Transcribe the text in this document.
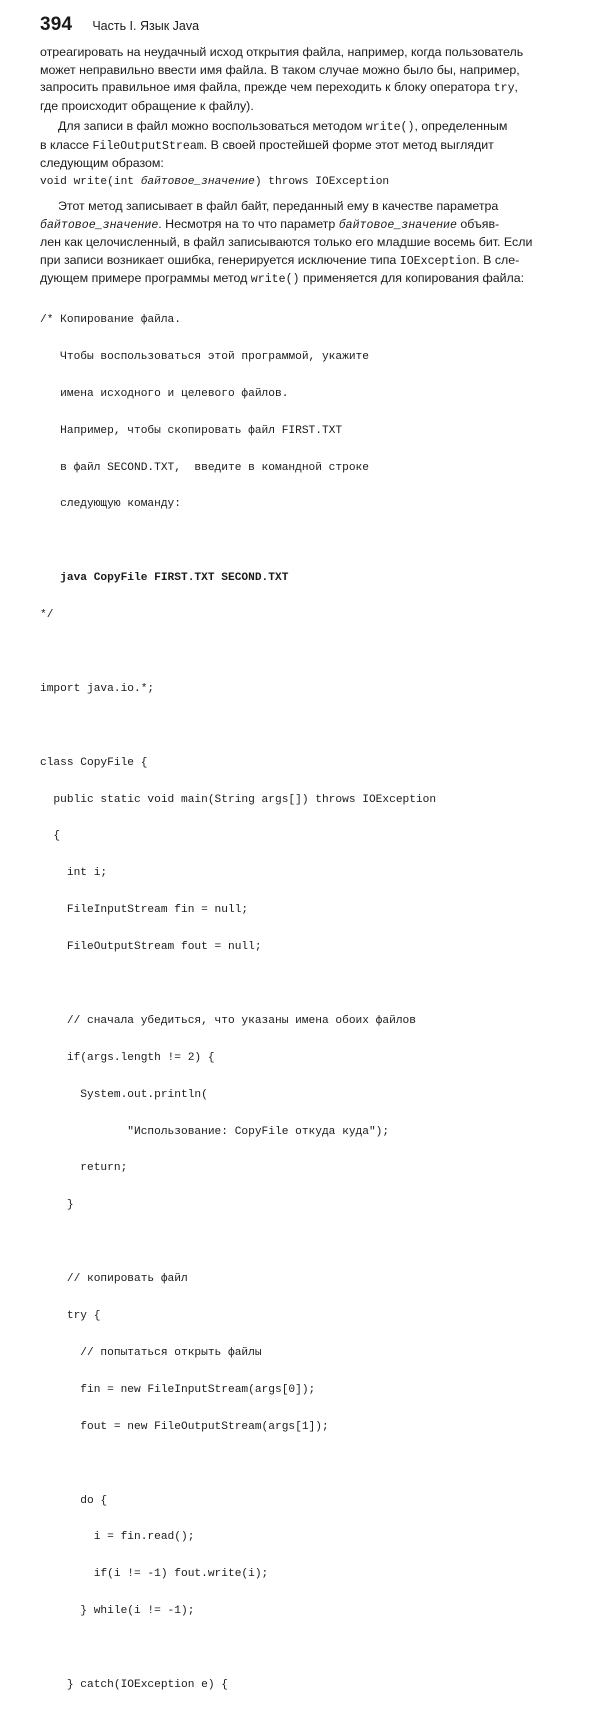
394 Часть I. Язык Java

отреагировать на неудачный исход открытия файла, например, когда пользователь

может неправильно ввести имя файла. В таком случае можно было бы, например,

запросить правильное имя файла, прежде чем переходить к блоку оператора try,

где происходит обращение к файлу).

Для записи в файл можно воспользоваться методом write(), определенным

в классе FileOutputStream. В своей простейшей форме этот метод выглядит

следующим образом:

void write(int байтовое_значение) throws IOException

Этот метод записывает в файл байт, переданный ему в качестве параметра

байтовое_значение. Несмотря на то что параметр байтовое_значение объяв-

лен как целочисленный, в файл записываются только его младшие восемь бит. Если

при записи возникает ошибка, генерируется исключение типа IOException. В сле-

дующем примере программы метод write() применяется для копирования файла:

/* Копирование файла.

Чтобы воспользоваться этой программой, укажите

имена исходного и целевого файлов.

Например, чтобы скопировать файл FIRST.TXT

в файл SECOND.TXT,  введите в командной строке

следующую команду:

java CopyFile FIRST.TXT SECOND.TXT

*/

import java.io.*;

class CopyFile {

public static void main(String args[]) throws IOException

{

int i;

FileInputStream fin = null;

FileOutputStream fout = null;

// сначала убедиться, что указаны имена обоих файлов

if(args.length != 2) {

System.out.println(

"Использование: CopyFile откуда куда");

return;

}

// копировать файл

try {

// попытаться открыть файлы

fin = new FileInputStream(args[0]);

fout = new FileOutputStream(args[1]);

do {

i = fin.read();

if(i != -1) fout.write(i);

} while(i != -1);

} catch(IOException e) {
